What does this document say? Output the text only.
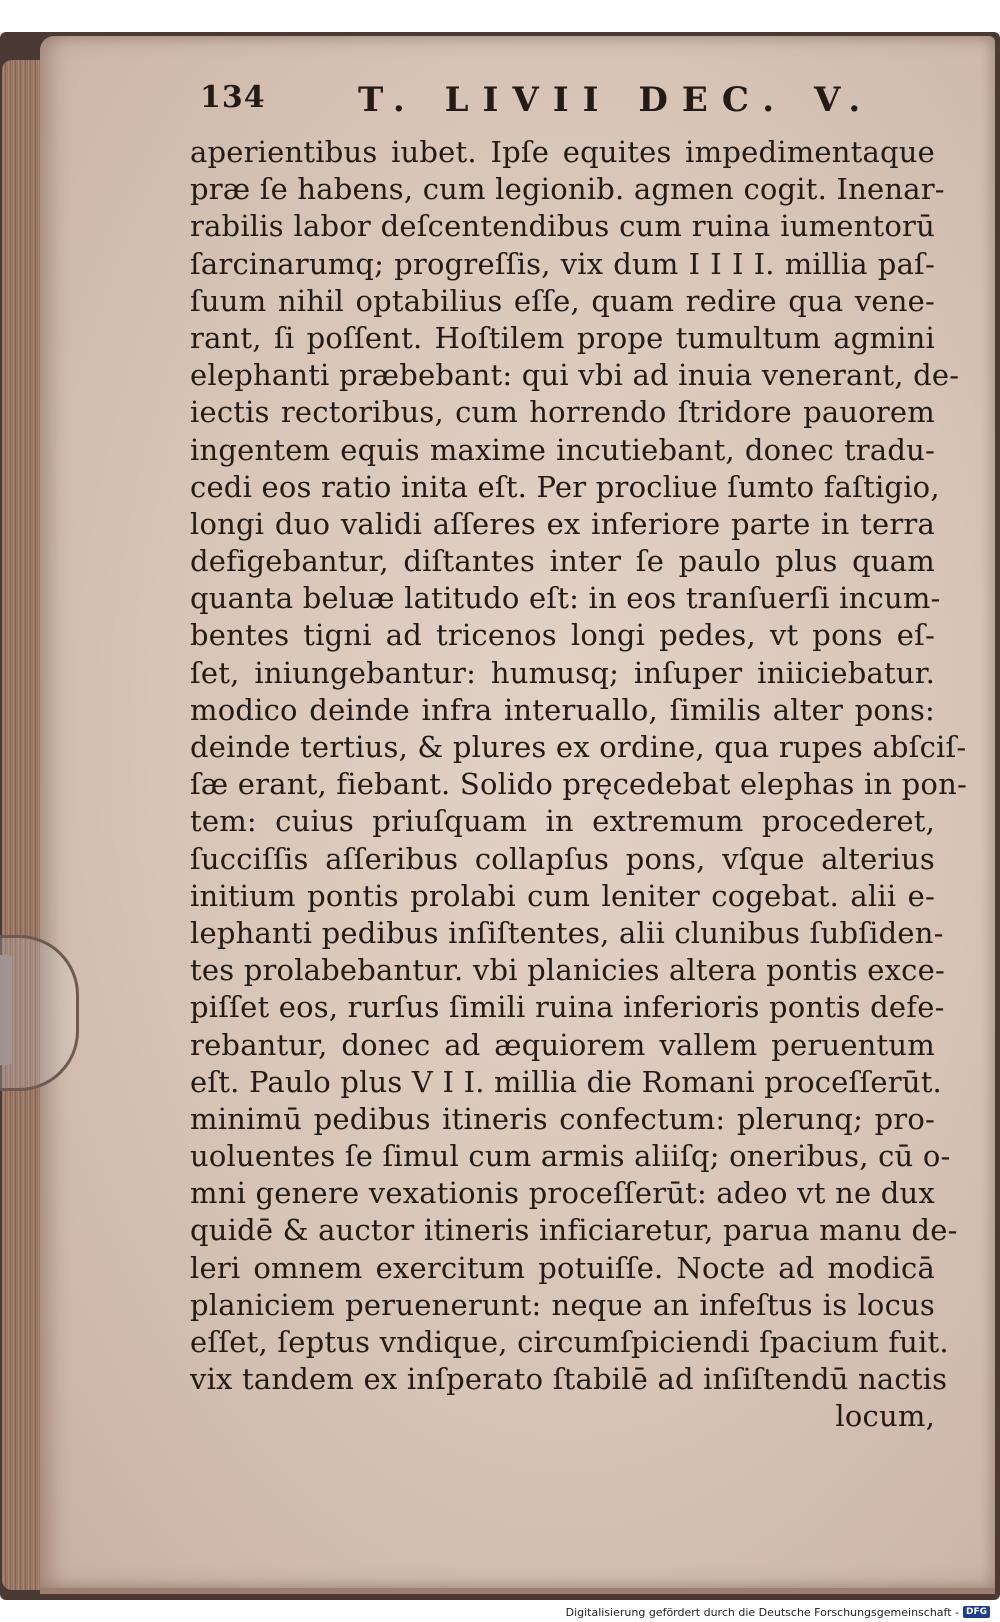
134	T. LIVII DEC. V.
aperientibus iubet. Ipſe equites impedimentaque
præ ſe habens, cum legionib. agmen cogit. Inenar-
rabilis labor deſcentendibus cum ruina iumentorū
ſarcinarumq; progreſſis, vix dum I I I I. millia paſ-
ſuum nihil optabilius eſſe, quam redire qua vene-
rant, ſi poſſent. Hoſtilem prope tumultum agmini
elephanti præbebant: qui vbi ad inuia venerant, de-
iectis rectoribus, cum horrendo ſtridore pauorem
ingentem equis maxime incutiebant, donec tradu-
cedi eos ratio inita eſt. Per procliue ſumto faſtigio,
longi duo validi aſſeres ex inferiore parte in terra
defigebantur, diſtantes inter ſe paulo plus quam
quanta beluæ latitudo eſt: in eos tranſuerſi incum-
bentes tigni ad tricenos longi pedes, vt pons eſ-
ſet, iniungebantur: humusq; inſuper iniiciebatur.
modico deinde infra interuallo, ſimilis alter pons:
deinde tertius, & plures ex ordine, qua rupes abſciſ-
ſæ erant, fiebant. Solido pręcedebat elephas in pon-
tem: cuius priuſquam in extremum procederet,
ſucciſſis aſſeribus collapſus pons, vſque alterius
initium pontis prolabi cum leniter cogebat. alii e-
lephanti pedibus inſiſtentes, alii clunibus ſubſiden-
tes prolabebantur. vbi planicies altera pontis exce-
piſſet eos, rurſus ſimili ruina inferioris pontis defe-
rebantur, donec ad æquiorem vallem peruentum
eſt. Paulo plus V I I. millia die Romani proceſſerūt.
minimū pedibus itineris confectum: plerunq; pro-
uoluentes ſe ſimul cum armis aliiſq; oneribus, cū o-
mni genere vexationis proceſſerūt: adeo vt ne dux
quidē & auctor itineris inficiaretur, parua manu de-
leri omnem exercitum potuiſſe. Nocte ad modicā
planiciem peruenerunt: neque an infeſtus is locus
eſſet, ſeptus vndique, circumſpiciendi ſpacium fuit.
vix tandem ex inſperato ſtabilē ad inſiſtendū nactis
locum,
Digitalisierung gefördert durch die Deutsche Forschungsgemeinschaft - DFG
